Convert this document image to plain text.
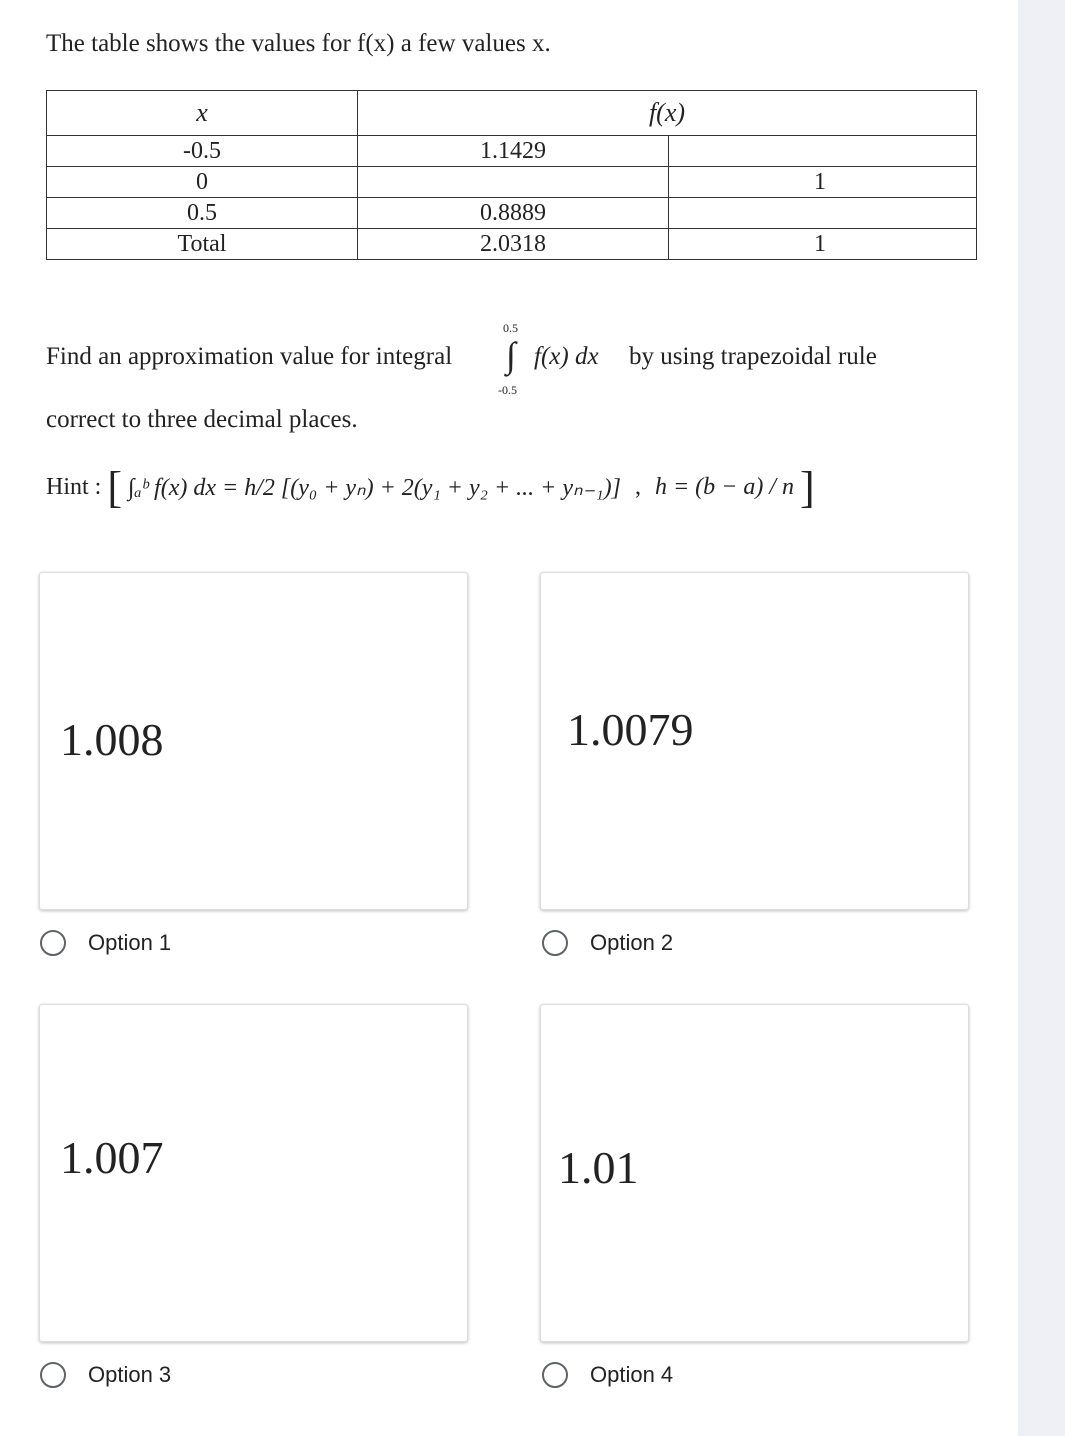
The table shows the values for f(x) a few values x.
x	f(x)	
-0.5	1.1429	
0		1
0.5	0.8889	
Total	2.0318	1
Find an approximation value for integral
0.5
∫
-0.5
f(x) dx by using trapezoidal rule
correct to three decimal places.
Hint : [ ∫ₐᵇ f(x) dx = h/2 [(y₀ + yₙ) + 2(y₁ + y₂ + ... + yₙ₋₁)] , h = (b − a) / n ]
1.008	1.0079
Option 1	Option 2
1.007	1.01
Option 3	Option 4
